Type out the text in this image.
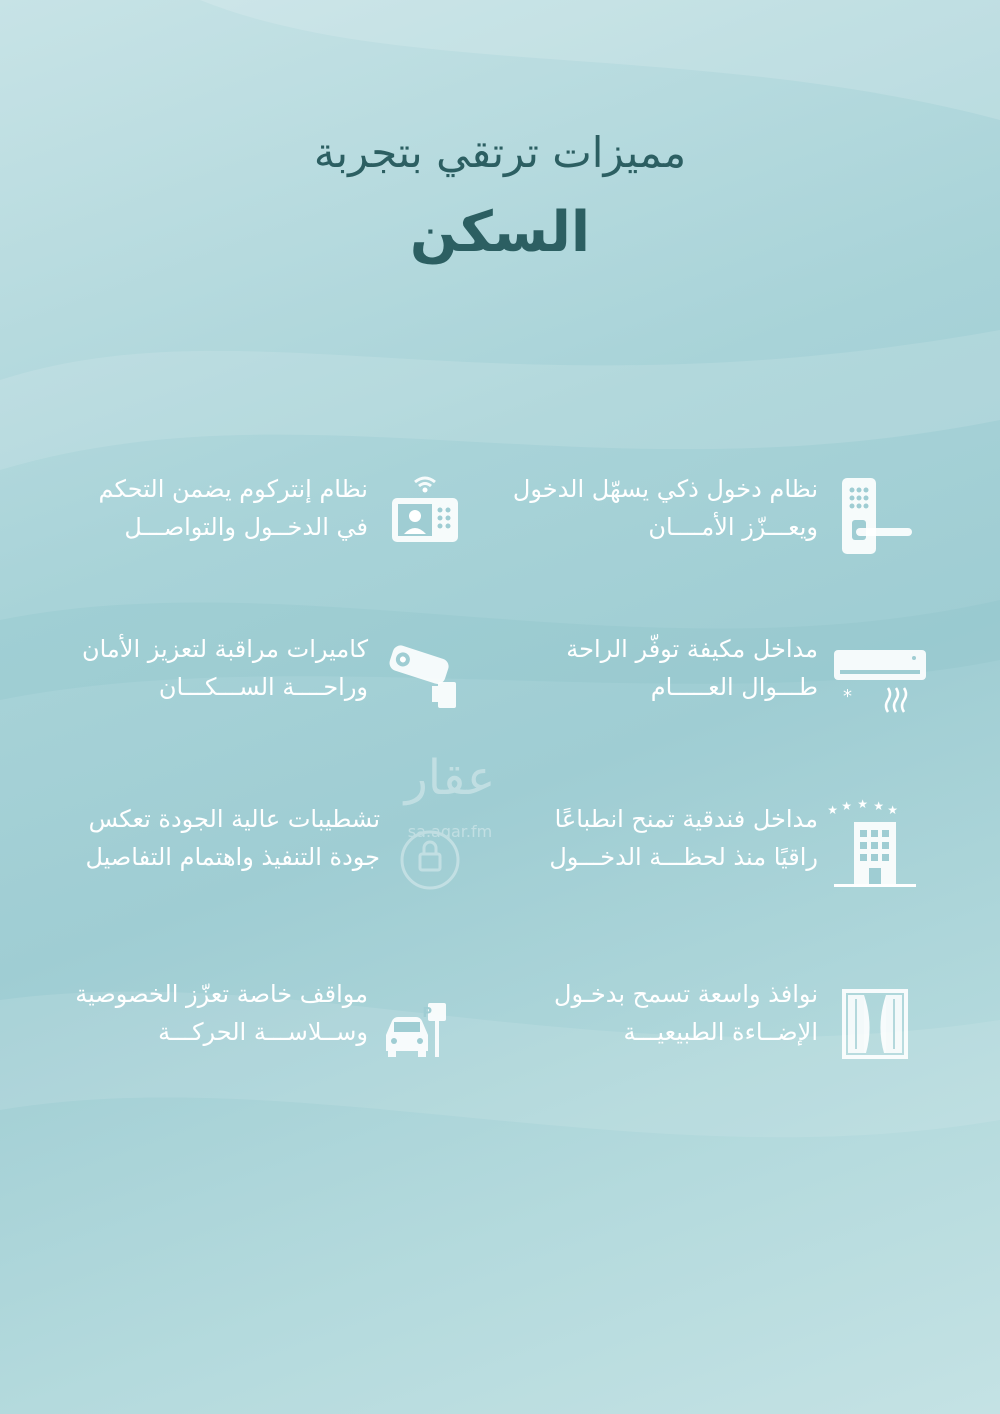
مميزات ترتقي بتجربة
السكن
نظام دخول ذكي يسهّل الدخول
ويعـــزّز الأمــــان
نظام إنتركوم يضمن التحكم
في الدخــول والتواصـــل
*
مداخل مكيفة توفّر الراحة
طـــوال العـــــام
كاميرات مراقبة لتعزيز الأمان
وراحــــة الســـكـــان
★ ★ ★ ★ ★
مداخل فندقية تمنح انطباعًا
راقيًا منذ لحظـــة الدخـــول
تشطيبات عالية الجودة تعكس
جودة التنفيذ واهتمام التفاصيل
نوافذ واسعة تسمح بدخـول
الإضــاءة الطبيعيـــة
P
مواقف خاصة تعزّز الخصوصية
وســلاســـة الحركـــة
عقار
sa.aqar.fm
